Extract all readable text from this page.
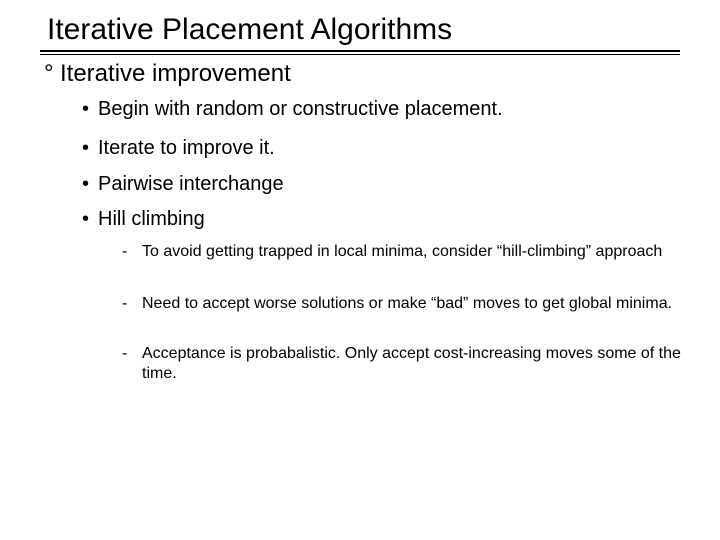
Iterative Placement Algorithms
° Iterative improvement
• Begin with random or constructive placement.
• Iterate to improve it.
• Pairwise interchange
• Hill climbing
- To avoid getting trapped in local minima, consider “hill-climbing” approach
- Need to accept worse solutions or make “bad” moves to get global minima.
- Acceptance is probabalistic. Only accept cost-increasing moves some of the time.
